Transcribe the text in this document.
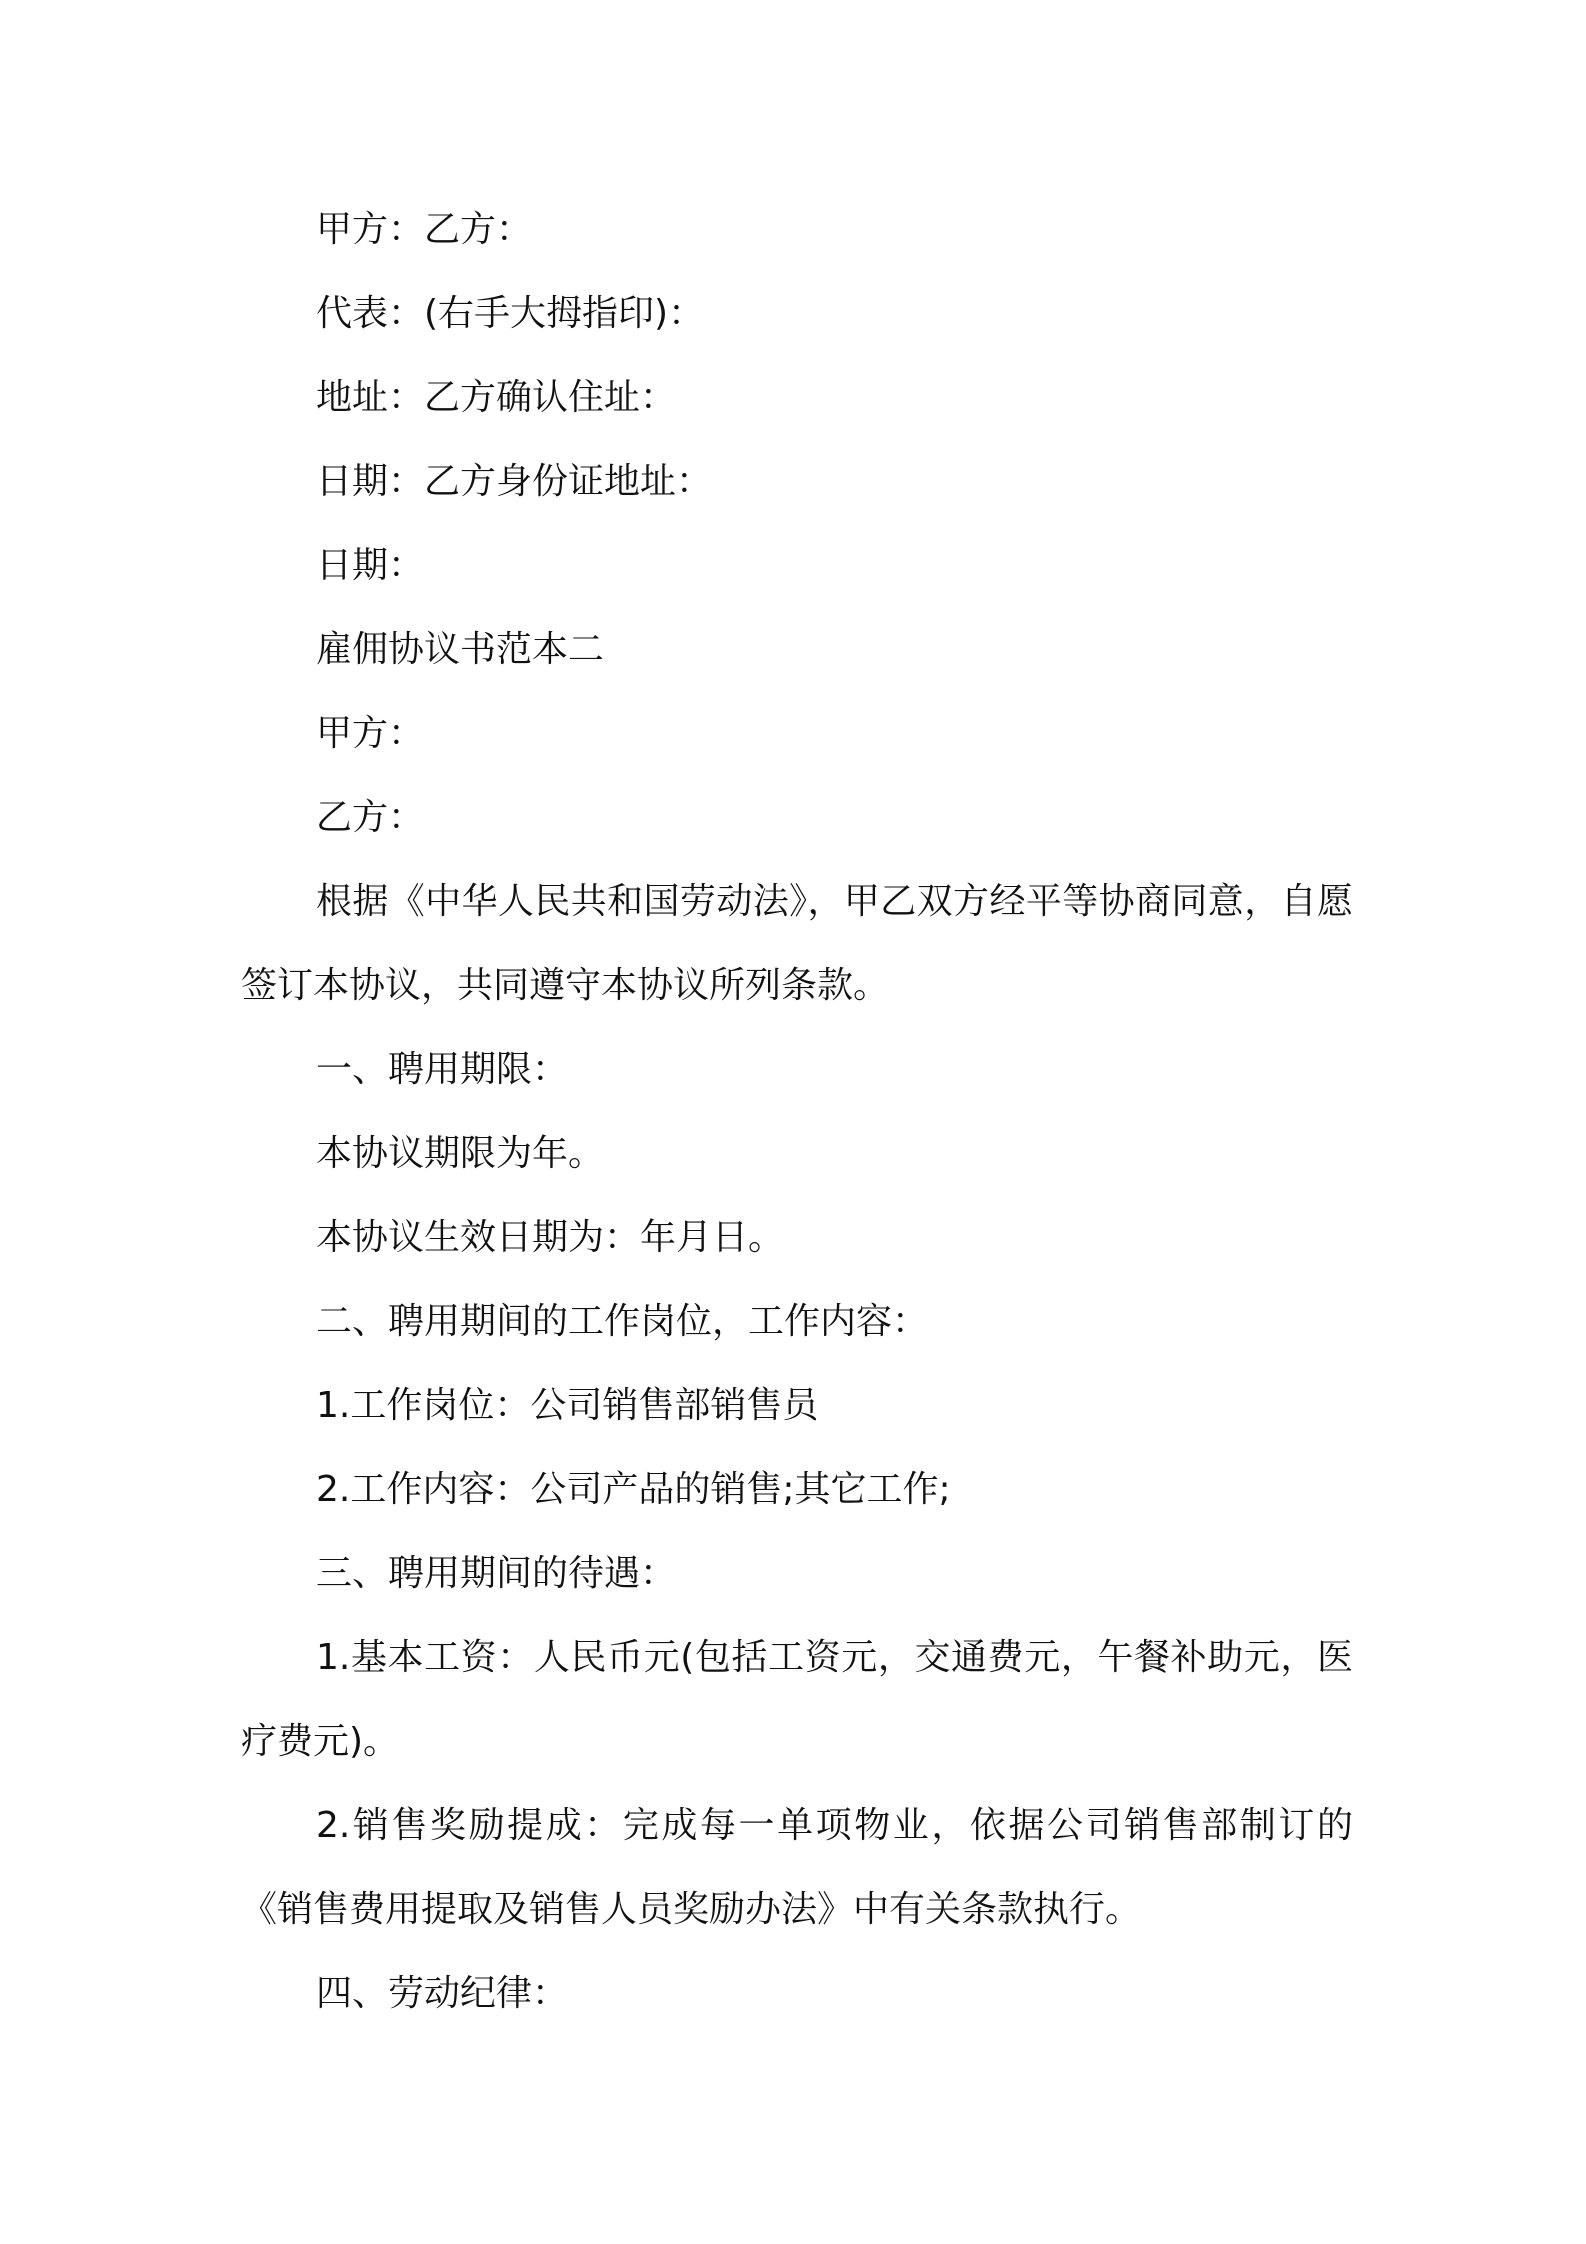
甲方：乙方：

代表：(右手大拇指印)：

地址：乙方确认住址：

日期：乙方身份证地址：

日期：

雇佣协议书范本二

甲方：

乙方：

根据《中华人民共和国劳动法》，甲乙双方经平等协商同意，自愿签订本协议，共同遵守本协议所列条款。

一、聘用期限：

本协议期限为年。

本协议生效日期为：年月日。

二、聘用期间的工作岗位，工作内容：

1.工作岗位：公司销售部销售员

2.工作内容：公司产品的销售;其它工作;

三、聘用期间的待遇：

1.基本工资：人民币元(包括工资元，交通费元，午餐补助元，医疗费元)。

2.销售奖励提成：完成每一单项物业，依据公司销售部制订的《销售费用提取及销售人员奖励办法》中有关条款执行。

四、劳动纪律：
